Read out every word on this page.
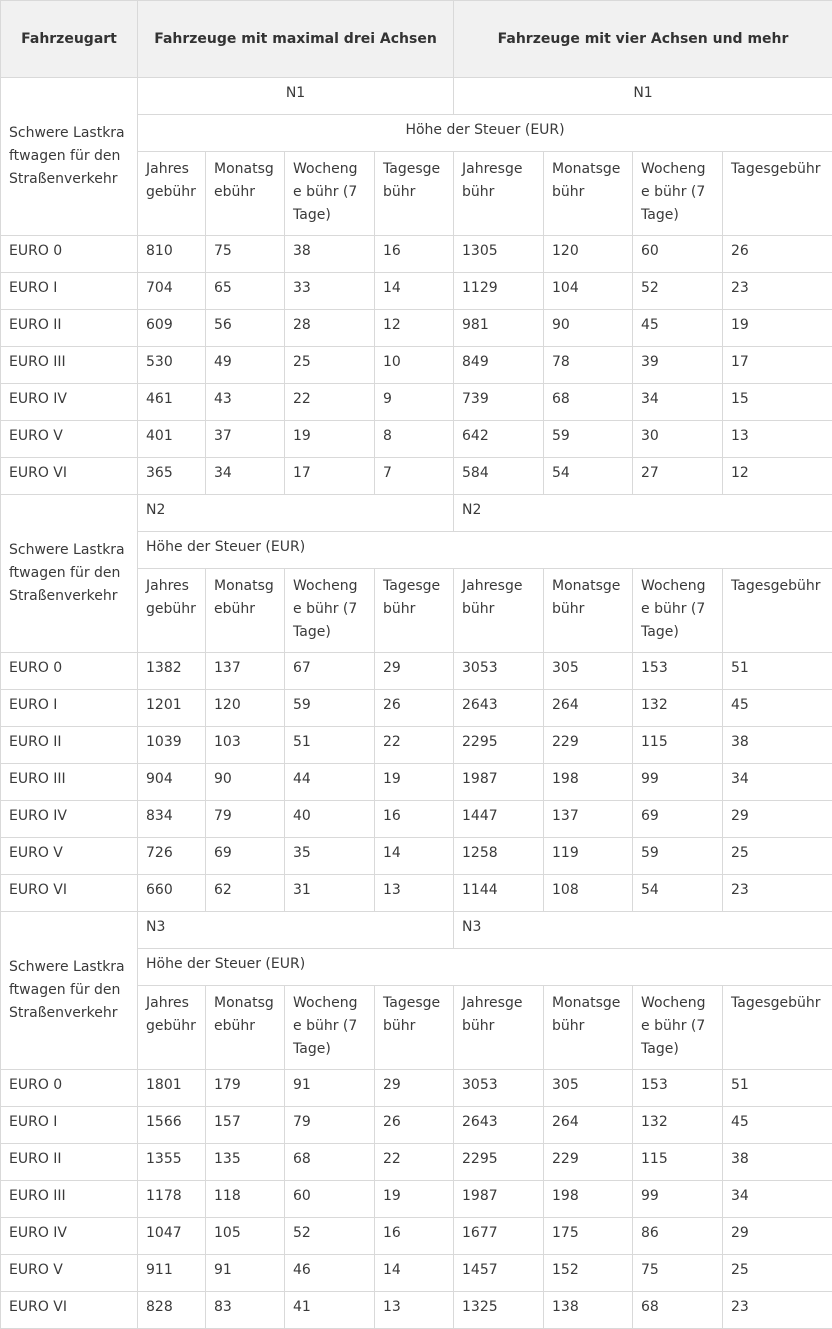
Fahrzeugart	Fahrzeuge mit maximal drei Achsen				Fahrzeuge mit vier Achsen und mehr			
Schwere Lastkraftwagen für den Straßenverkehr	N1				N1			
	Höhe der Steuer (EUR)							
	Jahres gebühr	Monatsg ebühr	Wochenge bühr (7 Tage)	Tagesge bühr	Jahresge bühr	Monatsge bühr	Wochenge bühr (7 Tage)	Tagesgebühr
EURO 0	810	75	38	16	1305	120	60	26
EURO I	704	65	33	14	1129	104	52	23
EURO II	609	56	28	12	981	90	45	19
EURO III	530	49	25	10	849	78	39	17
EURO IV	461	43	22	9	739	68	34	15
EURO V	401	37	19	8	642	59	30	13
EURO VI	365	34	17	7	584	54	27	12
Schwere Lastkraftwagen für den Straßenverkehr	N2				N2			
	Höhe der Steuer (EUR)							
	Jahres gebühr	Monatsg ebühr	Wochenge bühr (7 Tage)	Tagesge bühr	Jahresge bühr	Monatsge bühr	Wochenge bühr (7 Tage)	Tagesgebühr
EURO 0	1382	137	67	29	3053	305	153	51
EURO I	1201	120	59	26	2643	264	132	45
EURO II	1039	103	51	22	2295	229	115	38
EURO III	904	90	44	19	1987	198	99	34
EURO IV	834	79	40	16	1447	137	69	29
EURO V	726	69	35	14	1258	119	59	25
EURO VI	660	62	31	13	1144	108	54	23
Schwere Lastkraftwagen für den Straßenverkehr	N3				N3			
	Höhe der Steuer (EUR)							
	Jahres gebühr	Monatsg ebühr	Wochenge bühr (7 Tage)	Tagesge bühr	Jahresge bühr	Monatsge bühr	Wochenge bühr (7 Tage)	Tagesgebühr
EURO 0	1801	179	91	29	3053	305	153	51
EURO I	1566	157	79	26	2643	264	132	45
EURO II	1355	135	68	22	2295	229	115	38
EURO III	1178	118	60	19	1987	198	99	34
EURO IV	1047	105	52	16	1677	175	86	29
EURO V	911	91	46	14	1457	152	75	25
EURO VI	828	83	41	13	1325	138	68	23
